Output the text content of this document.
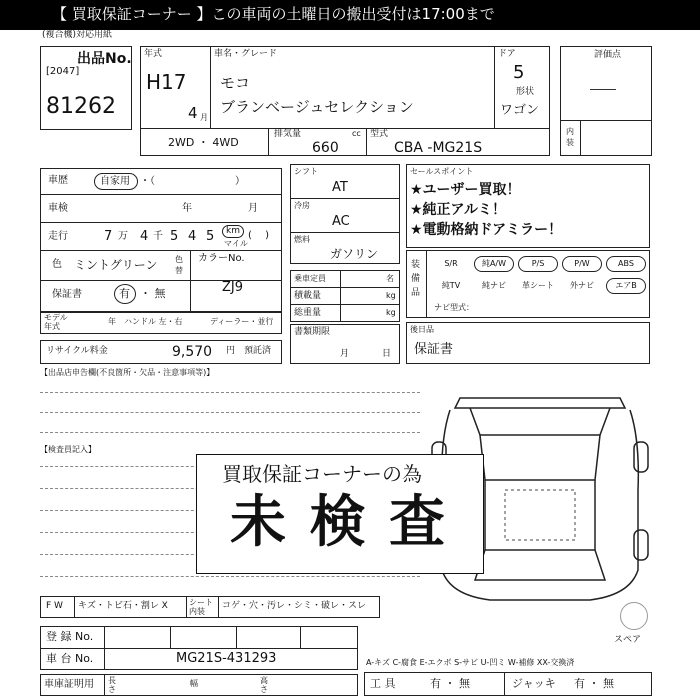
【 買取保証コーナー 】この車両の土曜日の搬出受付は17:00まで
(複合機)対応用紙
出品No.
[2047]
81262
年式
H17
4 月
車名・グレード
モコ
ブランベージュセレクション
ドア
5
形状
ワゴン
2WD ・ 4WD
排気量	cc
660
型式
CBA -MG21S
評価点
内装
車歴	自家用 ・（　　　　　　　　）
車検	年	月
走行	7 万 4 千 5 4 5 km
マイル
(　 )
色 ミントグリーン 色替
カラーNo.
ZJ9
保証書	有 ・ 無
モデル年式
年 ハンドル 左・右	ディーラー・並行
リサイクル料金	9,570 円 預託済
シフト
AT
冷房
AC
燃料
ガソリン
乗車定員	名
積載量	kg
総重量	kg
書類期限
月	日
セールスポイント
★ユーザー買取！
★純正アルミ！
★電動格納ドアミラー！
装備品
S/R	純A/W	P/S	P/W	ABS
純TV	純ナビ	革シート	外ナビ	エアB
ナビ型式：
後日品
保証書
【出品店申告欄(不良箇所・欠品・注意事項等)】
【検査員記入】
買取保証コーナーの為
未 検 査
スペア
F W キズ・トビ石・割レ X	シート内装
コゲ・穴・汚レ・シミ・破レ・スレ
登 録 No.
車 台 No.	MG21S-431293
車庫証明用 長さ
幅	高さ
A-キズ C-腐食 E-エクボ S-サビ U-凹ミ W-補修 XX-交換済
工 具	有 ・ 無	ジャッキ 有 ・ 無
